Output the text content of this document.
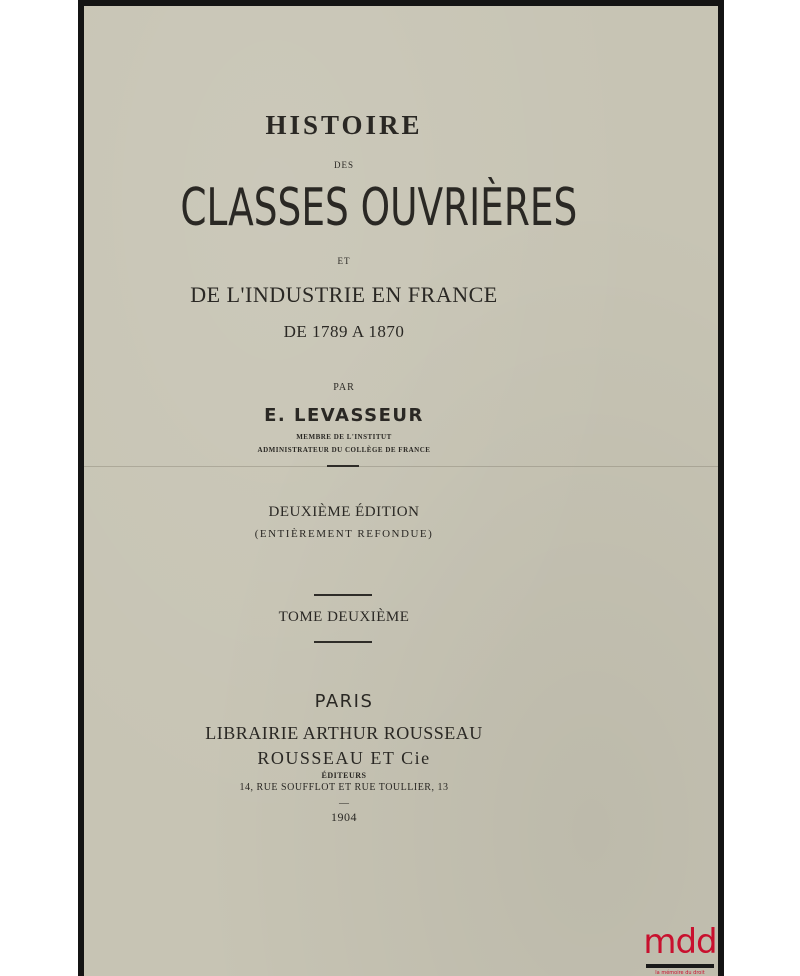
HISTOIRE
DES
CLASSES OUVRIÈRES
ET
DE L'INDUSTRIE EN FRANCE
DE 1789 A 1870
PAR
E. LEVASSEUR
MEMBRE DE L'INSTITUT
ADMINISTRATEUR DU COLLÈGE DE FRANCE
DEUXIÈME ÉDITION
(ENTIÈREMENT REFONDUE)
TOME DEUXIÈME
PARIS
LIBRAIRIE ARTHUR ROUSSEAU
ROUSSEAU ET Cie
ÉDITEURS
14, RUE SOUFFLOT ET RUE TOULLIER, 13
—
1904
mdd
la mémoire du droit
